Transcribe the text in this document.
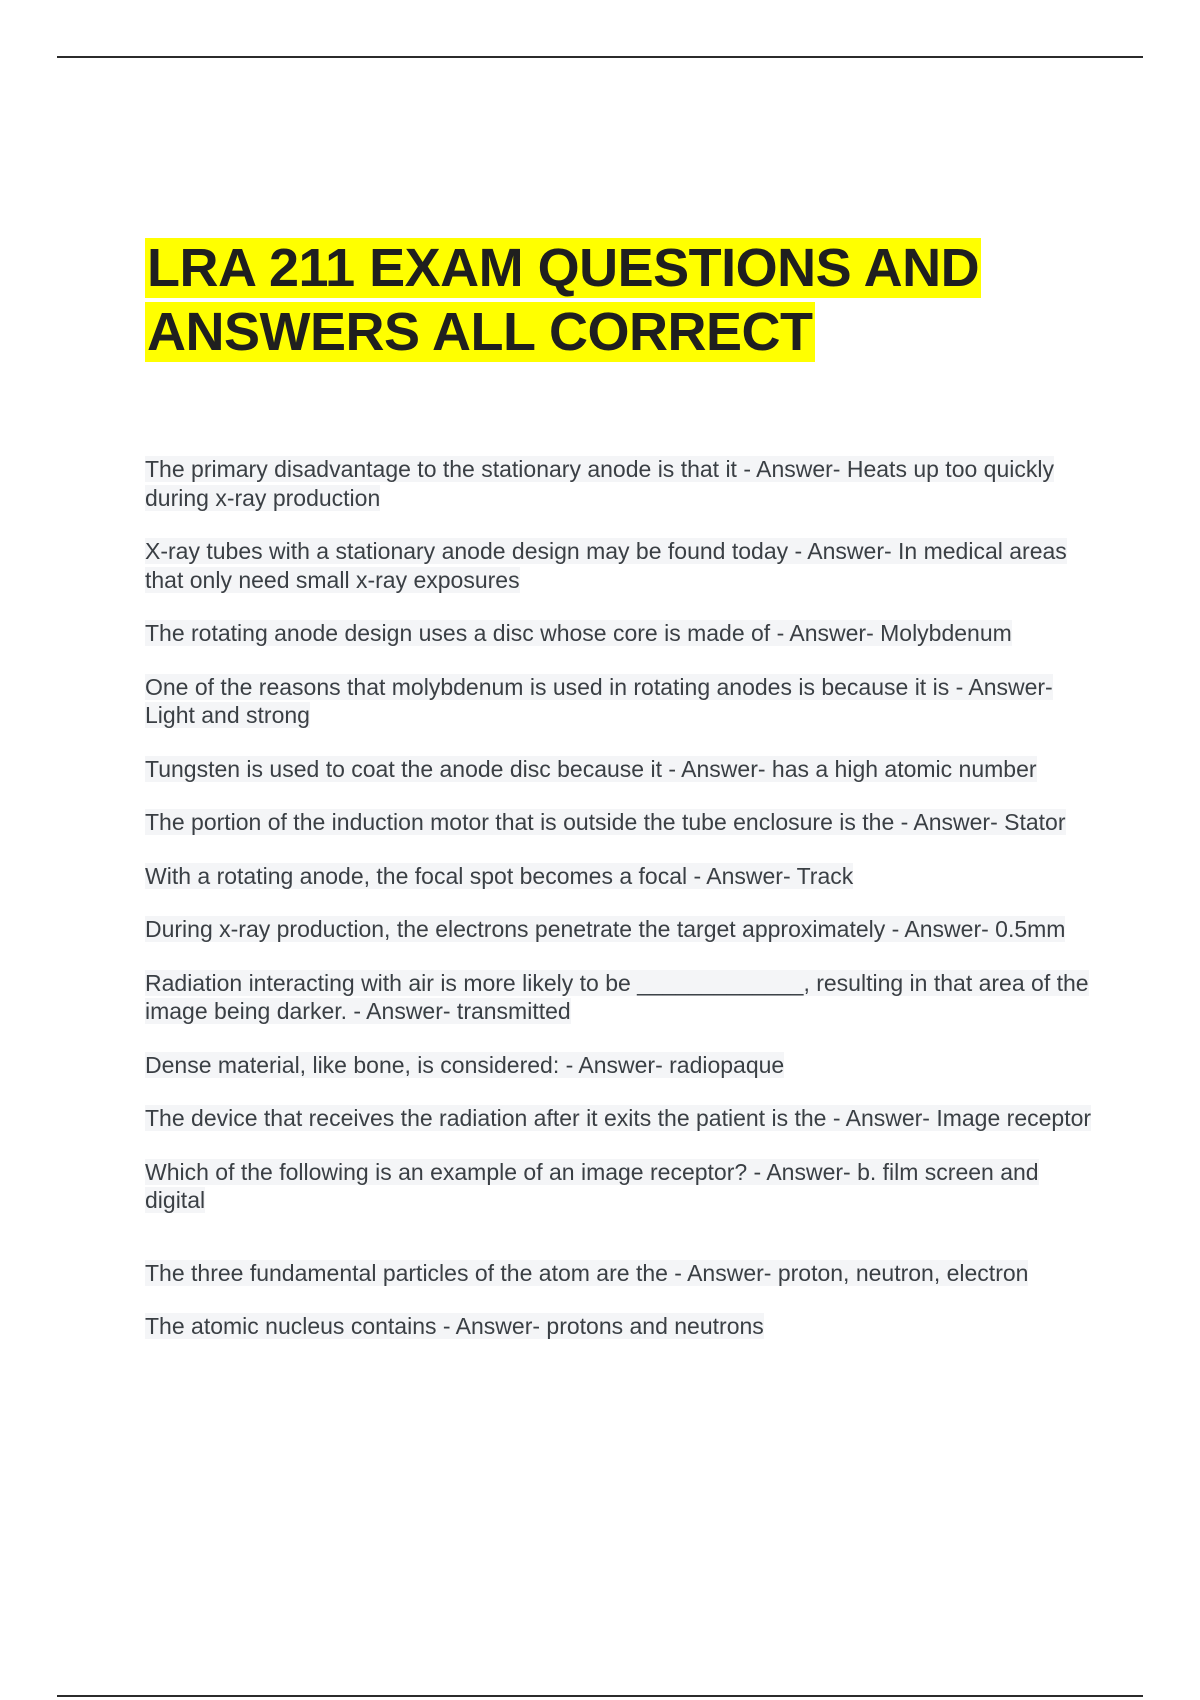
LRA 211 EXAM QUESTIONS AND
ANSWERS ALL CORRECT
The primary disadvantage to the stationary anode is that it - Answer- Heats up too quickly during x-ray production
X-ray tubes with a stationary anode design may be found today - Answer- In medical areas that only need small x-ray exposures
The rotating anode design uses a disc whose core is made of - Answer- Molybdenum
One of the reasons that molybdenum is used in rotating anodes is because it is - Answer- Light and strong
Tungsten is used to coat the anode disc because it - Answer- has a high atomic number
The portion of the induction motor that is outside the tube enclosure is the - Answer- Stator
With a rotating anode, the focal spot becomes a focal - Answer- Track
During x-ray production, the electrons penetrate the target approximately - Answer- 0.5mm
Radiation interacting with air is more likely to be _____________, resulting in that area of the image being darker. - Answer- transmitted
Dense material, like bone, is considered: - Answer- radiopaque
The device that receives the radiation after it exits the patient is the - Answer- Image receptor
Which of the following is an example of an image receptor? - Answer- b. film screen and digital
The three fundamental particles of the atom are the - Answer- proton, neutron, electron
The atomic nucleus contains - Answer- protons and neutrons
